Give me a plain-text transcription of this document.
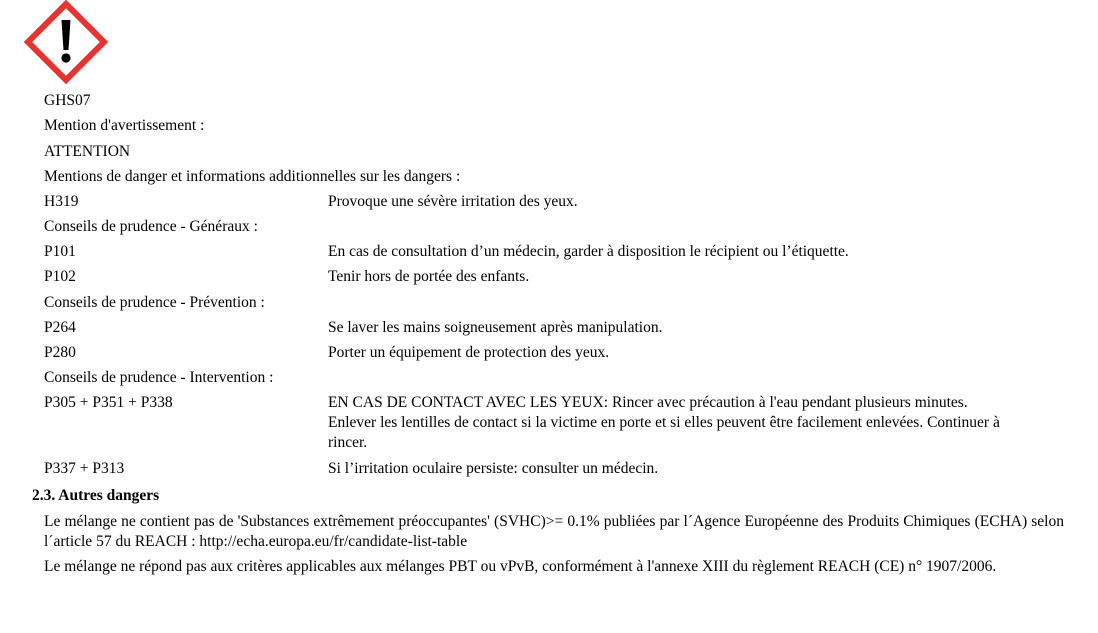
GHS07
Mention d'avertissement :
ATTENTION
Mentions de danger et informations additionnelles sur les dangers :
H319	Provoque une sévère irritation des yeux.
Conseils de prudence - Généraux :
P101	En cas de consultation d’un médecin, garder à disposition le récipient ou l’étiquette.
P102	Tenir hors de portée des enfants.
Conseils de prudence - Prévention :
P264	Se laver les mains soigneusement après manipulation.
P280	Porter un équipement de protection des yeux.
Conseils de prudence - Intervention :
P305 + P351 + P338	EN CAS DE CONTACT AVEC LES YEUX: Rincer avec précaution à l'eau pendant plusieurs minutes. Enlever les lentilles de contact si la victime en porte et si elles peuvent être facilement enlevées. Continuer à rincer.
P337 + P313	Si l’irritation oculaire persiste: consulter un médecin.
2.3. Autres dangers
Le mélange ne contient pas de 'Substances extrêmement préoccupantes' (SVHC)>= 0.1% publiées par l´Agence Européenne des Produits Chimiques (ECHA) selon l´article 57 du REACH : http://echa.europa.eu/fr/candidate-list-table
Le mélange ne répond pas aux critères applicables aux mélanges PBT ou vPvB, conformément à l'annexe XIII du règlement REACH (CE) n° 1907/2006.
